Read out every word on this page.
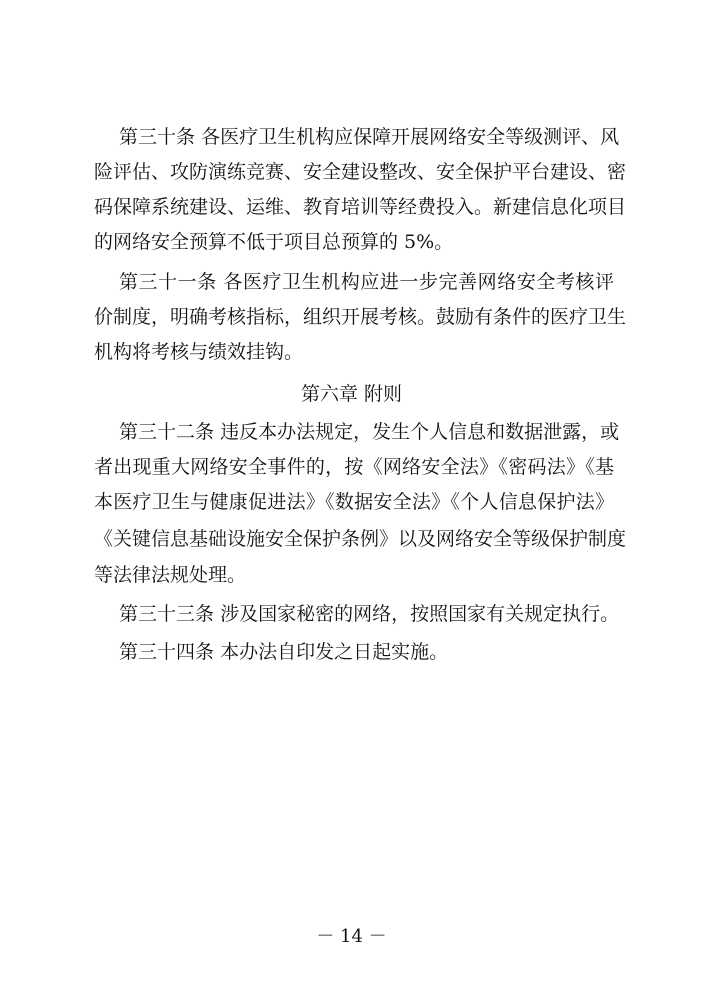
第三十条 各医疗卫生机构应保障开展网络安全等级测评、风
险评估、攻防演练竞赛、安全建设整改、安全保护平台建设、密
码保障系统建设、运维、教育培训等经费投入。新建信息化项目
的网络安全预算不低于项目总预算的 5%。
第三十一条 各医疗卫生机构应进一步完善网络安全考核评
价制度，明确考核指标，组织开展考核。鼓励有条件的医疗卫生
机构将考核与绩效挂钩。
第六章 附则
第三十二条 违反本办法规定，发生个人信息和数据泄露，或
者出现重大网络安全事件的，按《网络安全法》《密码法》《基
本医疗卫生与健康促进法》《数据安全法》《个人信息保护法》
《关键信息基础设施安全保护条例》以及网络安全等级保护制度
等法律法规处理。
第三十三条 涉及国家秘密的网络，按照国家有关规定执行。
第三十四条 本办法自印发之日起实施。
－ 14 －
